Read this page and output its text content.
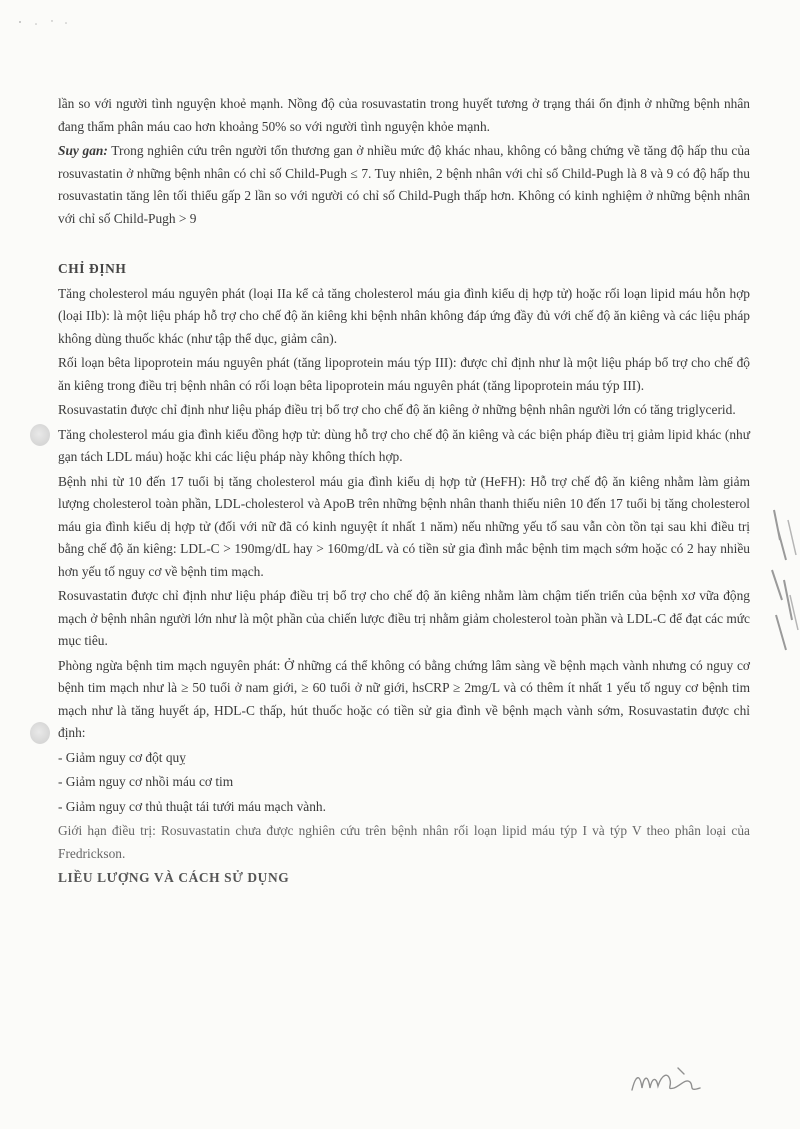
lần so với người tình nguyện khoẻ mạnh. Nồng độ của rosuvastatin trong huyết tương ở trạng thái ổn định ở những bệnh nhân đang thẩm phân máu cao hơn khoảng 50% so với người tình nguyện khỏe mạnh.

Suy gan: Trong nghiên cứu trên người tổn thương gan ở nhiều mức độ khác nhau, không có bằng chứng về tăng độ hấp thu của rosuvastatin ở những bệnh nhân có chỉ số Child-Pugh ≤ 7. Tuy nhiên, 2 bệnh nhân với chỉ số Child-Pugh là 8 và 9 có độ hấp thu rosuvastatin tăng lên tối thiểu gấp 2 lần so với người có chỉ số Child-Pugh thấp hơn. Không có kinh nghiệm ở những bệnh nhân với chỉ số Child-Pugh > 9

CHỈ ĐỊNH

Tăng cholesterol máu nguyên phát (loại IIa kể cả tăng cholesterol máu gia đình kiểu dị hợp tử) hoặc rối loạn lipid máu hỗn hợp (loại IIb): là một liệu pháp hỗ trợ cho chế độ ăn kiêng khi bệnh nhân không đáp ứng đầy đủ với chế độ ăn kiêng và các liệu pháp không dùng thuốc khác (như tập thể dục, giảm cân).

Rối loạn bêta lipoprotein máu nguyên phát (tăng lipoprotein máu týp III): được chỉ định như là một liệu pháp bổ trợ cho chế độ ăn kiêng trong điều trị bệnh nhân có rối loạn bêta lipoprotein máu nguyên phát (tăng lipoprotein máu týp III).

Rosuvastatin được chỉ định như liệu pháp điều trị bổ trợ cho chế độ ăn kiêng ở những bệnh nhân người lớn có tăng triglycerid.

Tăng cholesterol máu gia đình kiểu đồng hợp tử: dùng hỗ trợ cho chế độ ăn kiêng và các biện pháp điều trị giảm lipid khác (như gạn tách LDL máu) hoặc khi các liệu pháp này không thích hợp.

Bệnh nhi từ 10 đến 17 tuổi bị tăng cholesterol máu gia đình kiểu dị hợp tử (HeFH): Hỗ trợ chế độ ăn kiêng nhằm làm giảm lượng cholesterol toàn phần, LDL-cholesterol và ApoB trên những bệnh nhân thanh thiếu niên 10 đến 17 tuổi bị tăng cholesterol máu gia đình kiểu dị hợp tử (đối với nữ đã có kinh nguyệt ít nhất 1 năm) nếu những yếu tố sau vẫn còn tồn tại sau khi điều trị bằng chế độ ăn kiêng: LDL-C > 190mg/dL hay > 160mg/dL và có tiền sử gia đình mắc bệnh tim mạch sớm hoặc có 2 hay nhiều hơn yếu tố nguy cơ về bệnh tim mạch.

Rosuvastatin được chỉ định như liệu pháp điều trị bổ trợ cho chế độ ăn kiêng nhằm làm chậm tiến triển của bệnh xơ vữa động mạch ở bệnh nhân người lớn như là một phần của chiến lược điều trị nhằm giảm cholesterol toàn phần và LDL-C để đạt các mức mục tiêu.

Phòng ngừa bệnh tim mạch nguyên phát: Ở những cá thể không có bằng chứng lâm sàng về bệnh mạch vành nhưng có nguy cơ bệnh tim mạch như là ≥ 50 tuổi ở nam giới, ≥ 60 tuổi ở nữ giới, hsCRP ≥ 2mg/L và có thêm ít nhất 1 yếu tố nguy cơ bệnh tim mạch như là tăng huyết áp, HDL-C thấp, hút thuốc hoặc có tiền sử gia đình về bệnh mạch vành sớm, Rosuvastatin được chỉ định:

- Giảm nguy cơ đột quỵ

- Giảm nguy cơ nhồi máu cơ tim

- Giảm nguy cơ thủ thuật tái tưới máu mạch vành.

Giới hạn điều trị: Rosuvastatin chưa được nghiên cứu trên bệnh nhân rối loạn lipid máu týp I và týp V theo phân loại của Fredrickson.

LIỀU LƯỢNG VÀ CÁCH SỬ DỤNG
